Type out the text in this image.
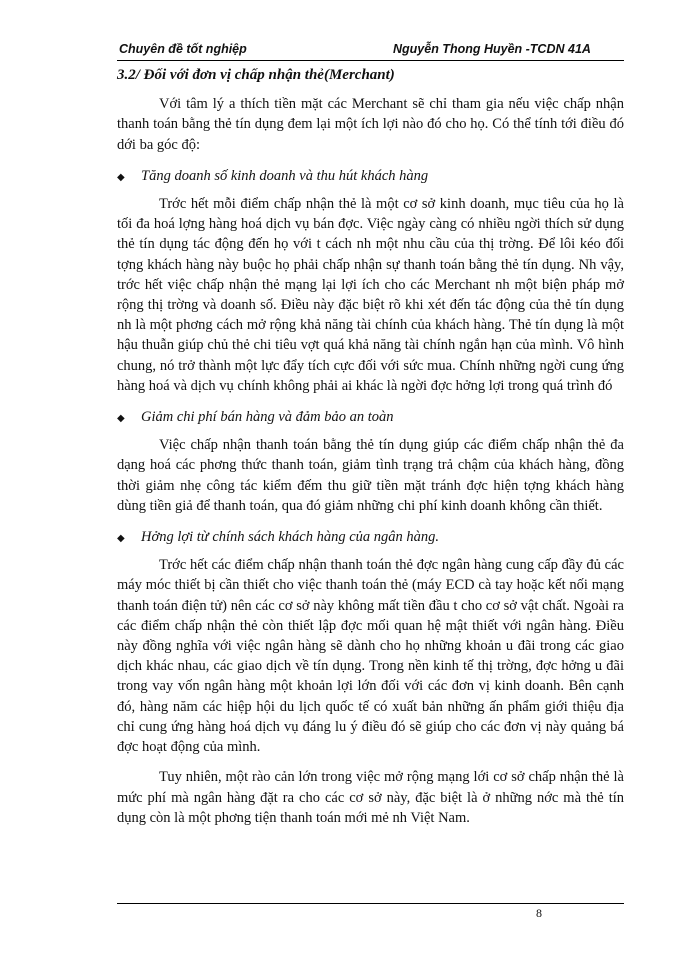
Chuyên đề tốt nghiệp	Nguyễn Thong Huyền -TCDN 41A

3.2/ Đối với đơn vị chấp nhận thẻ(Merchant)

Với tâm lý a thích tiền mặt các Merchant sẽ chỉ tham gia nếu việc chấp nhận thanh toán bằng thẻ tín dụng đem lại một ích lợi nào đó cho họ. Có thể tính tới điều đó dới ba góc độ:

◆	Tăng doanh số kinh doanh và thu hút khách hàng

Trớc hết mỗi điểm chấp nhận thẻ là một cơ sở kinh doanh, mục tiêu của họ là tối đa hoá lợng hàng hoá dịch vụ bán đợc. Việc ngày càng có nhiều ngời thích sử dụng thẻ tín dụng tác động đến họ với t cách nh một nhu cầu của thị trờng. Để lôi kéo đối tợng khách hàng này buộc họ phải chấp nhận sự thanh toán bằng thẻ tín dụng. Nh vậy, trớc hết việc chấp nhận thẻ mạng lại lợi ích cho các Merchant nh một biện pháp mở rộng thị trờng và doanh số. Điều này đặc biệt rõ khi xét đến tác động của thẻ tín dụng nh là một phơng cách mở rộng khả năng tài chính của khách hàng. Thẻ tín dụng là một hậu thuẫn giúp chủ thẻ chi tiêu vợt quá khả năng tài chính ngắn hạn của mình. Vô hình chung, nó trở thành một lực đẩy tích cực đối với sức mua. Chính những ngời cung ứng hàng hoá và dịch vụ chính không phải ai khác là ngời đợc hởng lợi trong quá trình đó

◆	Giảm chi phí bán hàng và đảm bảo an toàn

Việc chấp nhận thanh toán bằng thẻ tín dụng giúp các điểm chấp nhận thẻ đa dạng hoá các phơng thức thanh toán, giảm tình trạng trả chậm của khách hàng, đồng thời giảm nhẹ công tác kiểm đếm thu giữ tiền mặt tránh đợc hiện tợng khách hàng dùng tiền giả để thanh toán, qua đó giảm những chi phí kinh doanh không cần thiết.

◆	Hởng lợi từ chính sách khách hàng của ngân hàng.

Trớc hết các điểm chấp nhận thanh toán thẻ đợc ngân hàng cung cấp đầy đủ các máy móc thiết bị cần thiết cho việc thanh toán thẻ (máy ECD cà tay hoặc kết nối mạng thanh toán điện tử) nên các cơ sở này không mất tiền đầu t cho cơ sở vật chất. Ngoài ra các điểm chấp nhận thẻ còn thiết lập đợc mối quan hệ mật thiết với ngân hàng. Điều này đồng nghĩa với việc ngân hàng sẽ dành cho họ những khoản u đãi trong các giao dịch khác nhau, các giao dịch về tín dụng. Trong nền kinh tế thị trờng, đợc hởng u đãi trong vay vốn ngân hàng một khoản lợi lớn đối với các đơn vị kinh doanh. Bên cạnh đó, hàng năm các hiệp hội du lịch quốc tế có xuất bản những ấn phẩm giới thiệu địa chỉ cung ứng hàng hoá dịch vụ đáng lu ý điều đó sẽ giúp cho các đơn vị này quảng bá đợc hoạt động của mình.

Tuy nhiên, một rào cản lớn trong việc mở rộng mạng lới cơ sở chấp nhận thẻ là mức phí mà ngân hàng đặt ra cho các cơ sở này, đặc biệt là ở những nớc mà thẻ tín dụng còn là một phơng tiện thanh toán mới mẻ nh Việt Nam.

8
